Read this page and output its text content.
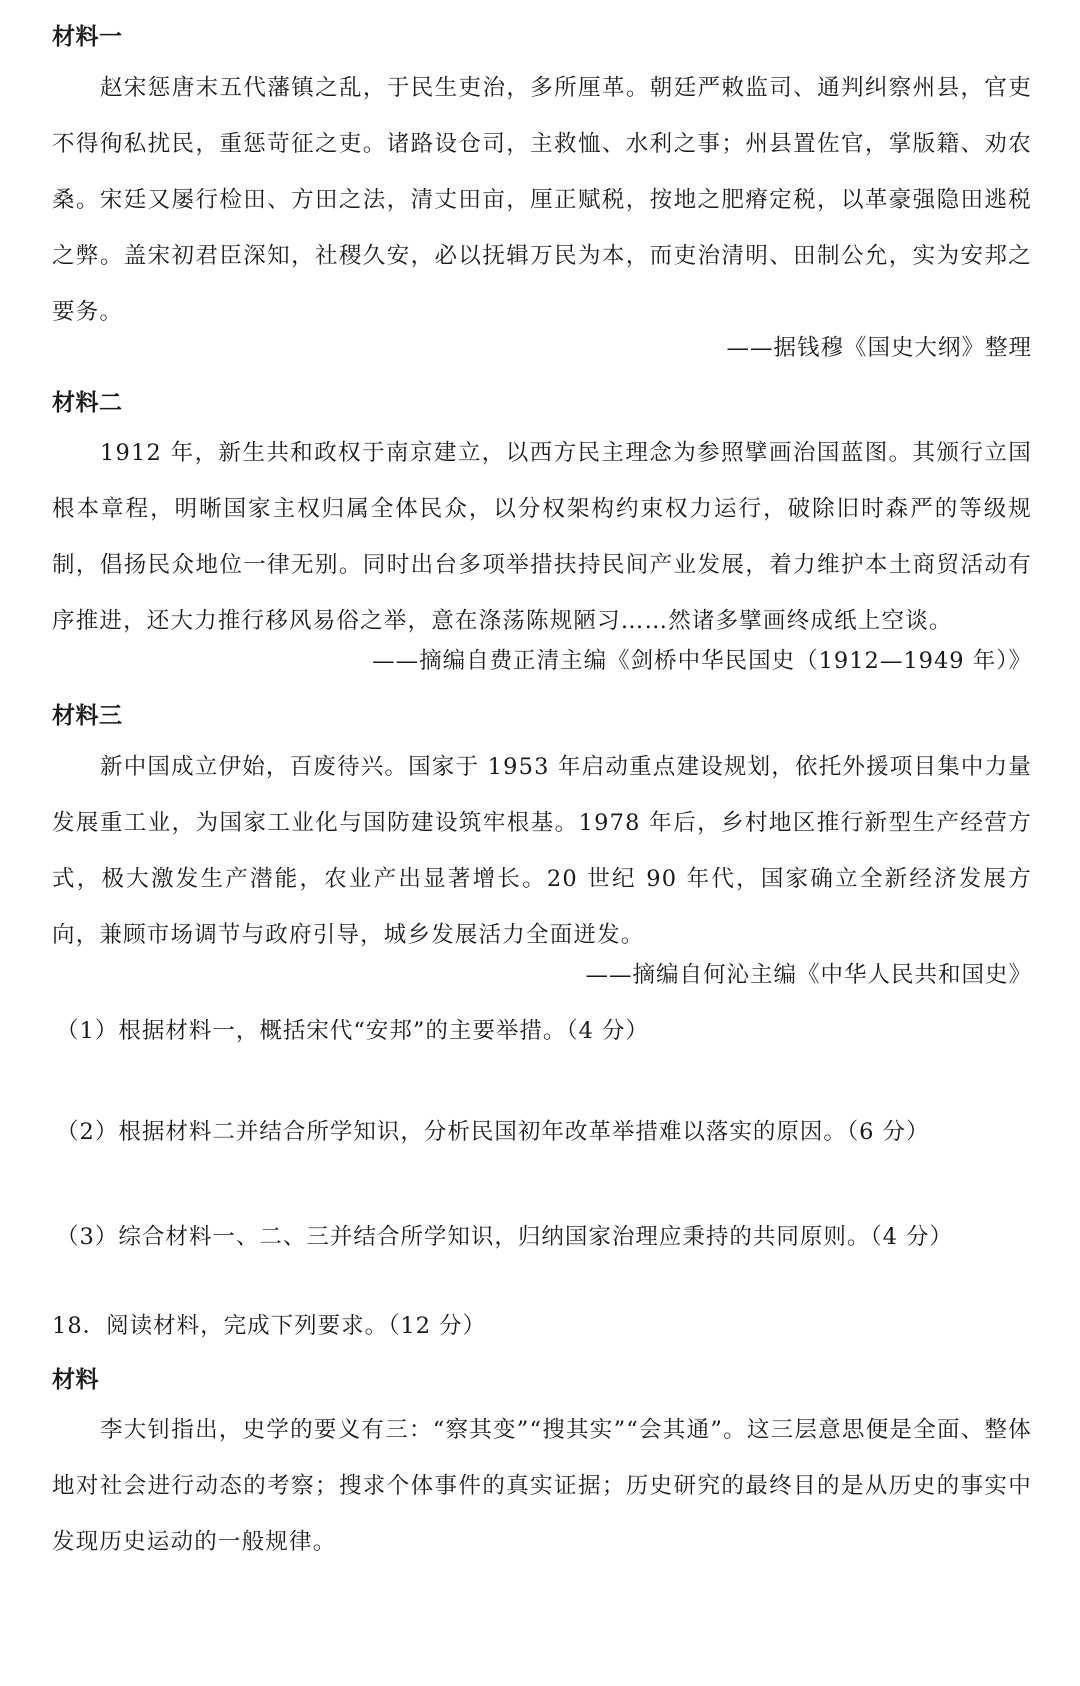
材料一

赵宋惩唐末五代藩镇之乱，于民生吏治，多所厘革。朝廷严敕监司、通判纠察州县，官吏不得徇私扰民，重惩苛征之吏。诸路设仓司，主救恤、水利之事；州县置佐官，掌版籍、劝农桑。宋廷又屡行检田、方田之法，清丈田亩，厘正赋税，按地之肥瘠定税，以革豪强隐田逃税之弊。盖宋初君臣深知，社稷久安，必以抚辑万民为本，而吏治清明、田制公允，实为安邦之要务。

——据钱穆《国史大纲》整理
材料二

1912 年，新生共和政权于南京建立，以西方民主理念为参照擘画治国蓝图。其颁行立国根本章程，明晰国家主权归属全体民众，以分权架构约束权力运行，破除旧时森严的等级规制，倡扬民众地位一律无别。同时出台多项举措扶持民间产业发展，着力维护本土商贸活动有序推进，还大力推行移风易俗之举，意在涤荡陈规陋习……然诸多擘画终成纸上空谈。

——摘编自费正清主编《剑桥中华民国史（1912—1949 年）》
材料三

新中国成立伊始，百废待兴。国家于 1953 年启动重点建设规划，依托外援项目集中力量发展重工业，为国家工业化与国防建设筑牢根基。1978 年后，乡村地区推行新型生产经营方式，极大激发生产潜能，农业产出显著增长。20 世纪 90 年代，国家确立全新经济发展方向，兼顾市场调节与政府引导，城乡发展活力全面迸发。

——摘编自何沁主编《中华人民共和国史》
（1）根据材料一，概括宋代“安邦”的主要举措。（4 分）
（2）根据材料二并结合所学知识，分析民国初年改革举措难以落实的原因。（6 分）
（3）综合材料一、二、三并结合所学知识，归纳国家治理应秉持的共同原则。（4 分）
18．阅读材料，完成下列要求。（12 分）
材料

李大钊指出，史学的要义有三：“察其变”“搜其实”“会其通”。这三层意思便是全面、整体地对社会进行动态的考察；搜求个体事件的真实证据；历史研究的最终目的是从历史的事实中发现历史运动的一般规律。
